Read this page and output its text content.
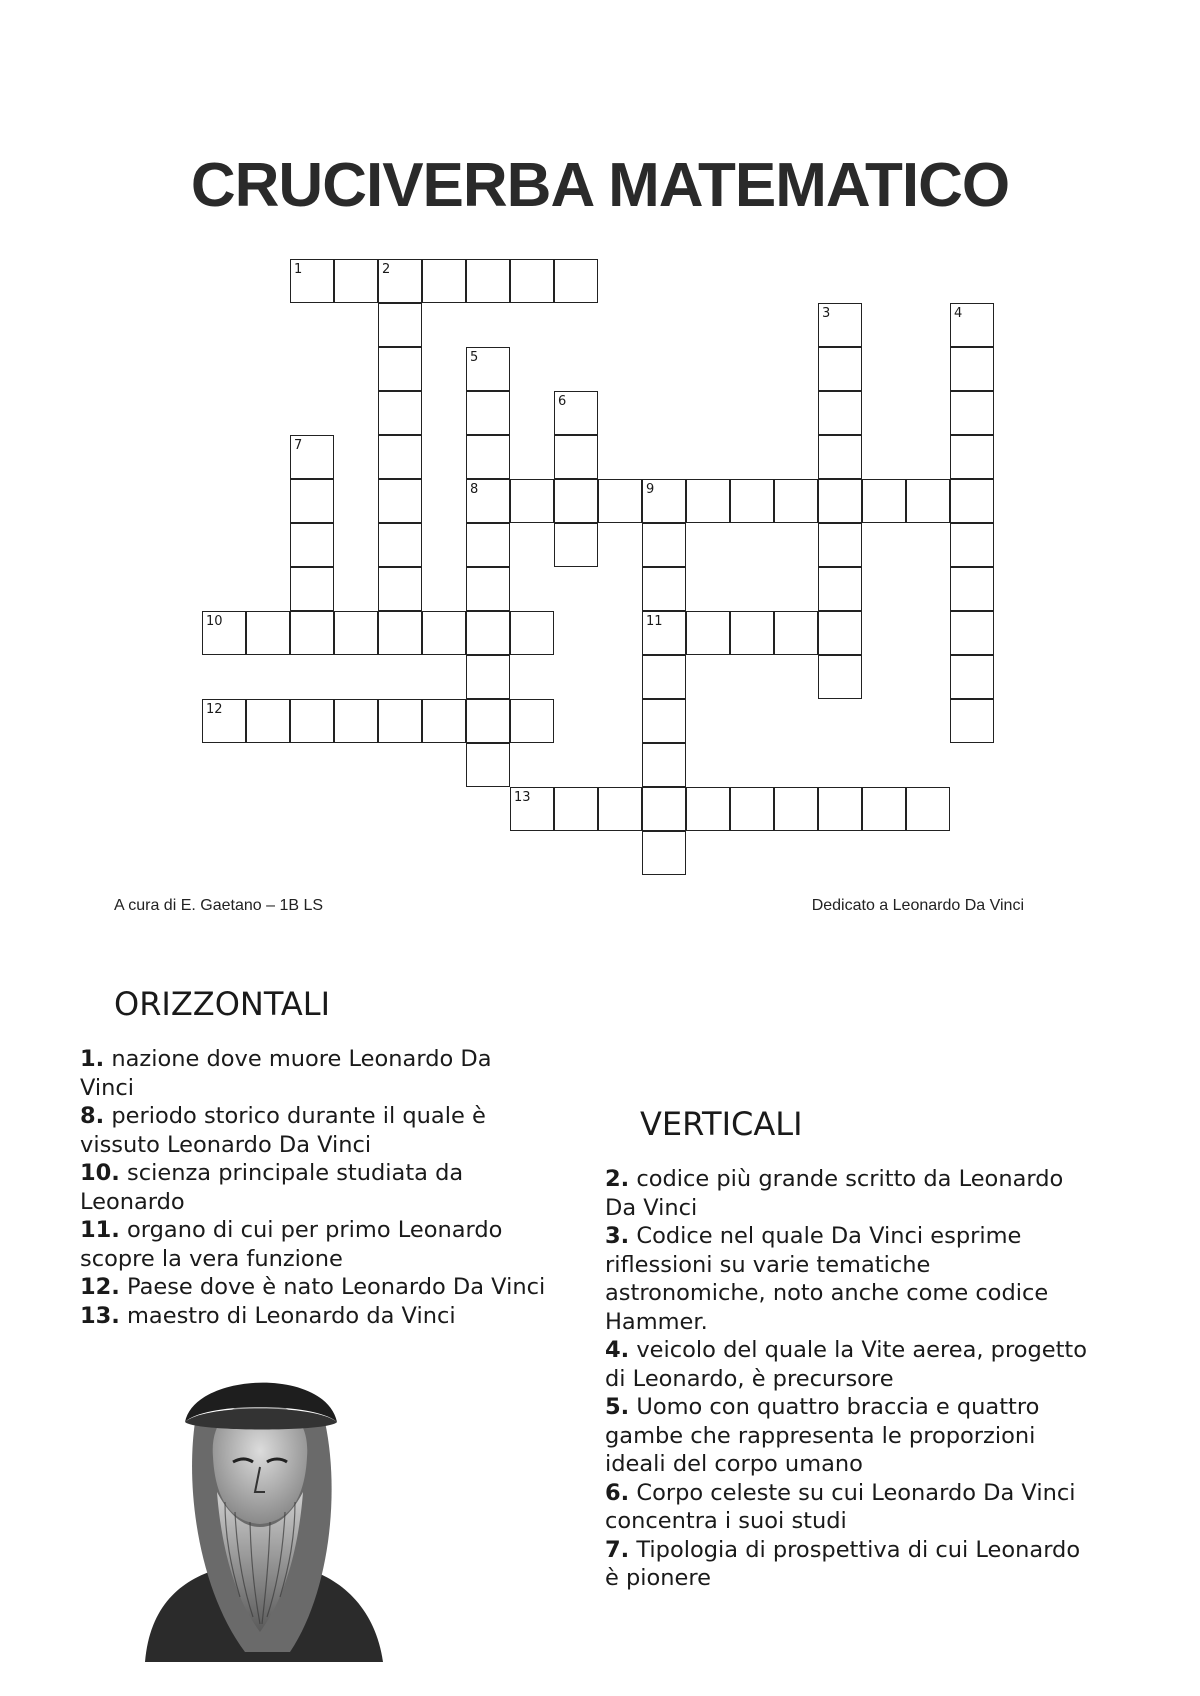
CRUCIVERBA MATEMATICO
1	2
3	4
5
8
6
7
9
11
10
12
13
A cura di E. Gaetano – 1B LS	Dedicato a Leonardo Da Vinci
ORIZZONTALI
1. nazione dove muore Leonardo Da Vinci
8. periodo storico durante il quale è vissuto Leonardo Da Vinci
10. scienza principale studiata da Leonardo
11. organo di cui per primo Leonardo scopre la vera funzione
12. Paese dove è nato Leonardo Da Vinci
13. maestro di Leonardo da Vinci
VERTICALI
2. codice più grande scritto da Leonardo Da Vinci
3. Codice nel quale Da Vinci esprime riflessioni su varie tematiche astronomiche, noto anche come codice Hammer.
4. veicolo del quale la Vite aerea, progetto di Leonardo, è precursore
5. Uomo con quattro braccia e quattro gambe che rappresenta le proporzioni ideali del corpo umano
6. Corpo celeste su cui Leonardo Da Vinci concentra i suoi studi
7. Tipologia di prospettiva di cui Leonardo è pionere
